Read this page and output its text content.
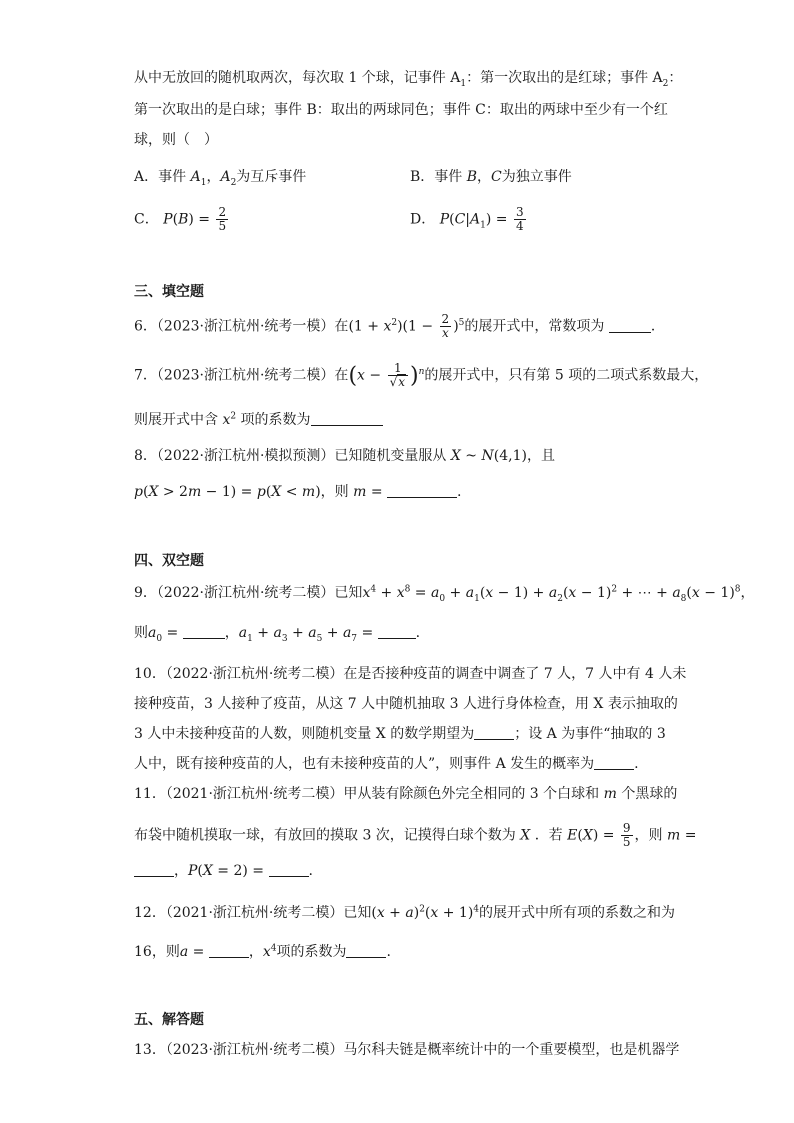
从中无放回的随机取两次，每次取 1 个球，记事件 $A_1$：第一次取出的是红球；事件 $A_2$：
第一次取出的是白球；事件 B：取出的两球同色；事件 C：取出的两球中至少有一个红
球，则（　）
A．事件 $A_1$，$A_2$为互斥事件	B．事件 B，C为独立事件
C． $P(B) = \frac{2}{5}$	D． $P(C|A_1) = \frac{3}{4}$
三、填空题
6．（2023·浙江杭州·统考一模）在$(1 + x^2)(1 - \frac{2}{x} )^5$的展开式中，常数项为	．
7．（2023·浙江杭州·统考二模）在$(x - \frac{1}{√x} )^n$的展开式中，只有第 5 项的二项式系数最大，
则展开式中含 $x^2$ 项的系数为
8．（2022·浙江杭州·模拟预测）已知随机变量服从 X ~ N(4,1)，且
p(X > 2m − 1) = p(X < m)，则 m =	.
四、双空题
9．（2022·浙江杭州·统考二模）已知$x^4 + x^8 = a_0 + a_1(x - 1) + a_2(x - 1)^2$ + ⋯ + $a_8(x - 1)^8$，
则$a_0$ =	，$a_1 + a_3 + a_5 + a_7$ =	.
10．（2022·浙江杭州·统考二模）在是否接种疫苗的调查中调查了 7 人，7 人中有 4 人未
接种疫苗，3 人接种了疫苗，从这 7 人中随机抽取 3 人进行身体检查，用 X 表示抽取的
3 人中未接种疫苗的人数，则随机变量 X 的数学期望为	；设 A 为事件“抽取的 3
人中，既有接种疫苗的人，也有未接种疫苗的人”，则事件 A 发生的概率为	.
11．（2021·浙江杭州·统考二模）甲从装有除颜色外完全相同的 3 个白球和 m 个黑球的
布袋中随机摸取一球，有放回的摸取 3 次，记摸得白球个数为 X ．若 $E(X) = \frac{9}{5}$ ，则 m =
，P(X = 2) =	.
12．（2021·浙江杭州·统考二模）已知$(x + a)^2(x + 1)^4$的展开式中所有项的系数之和为
16，则a =	，$x^4$项的系数为	.
五、解答题
13．（2023·浙江杭州·统考二模）马尔科夫链是概率统计中的一个重要模型，也是机器学
